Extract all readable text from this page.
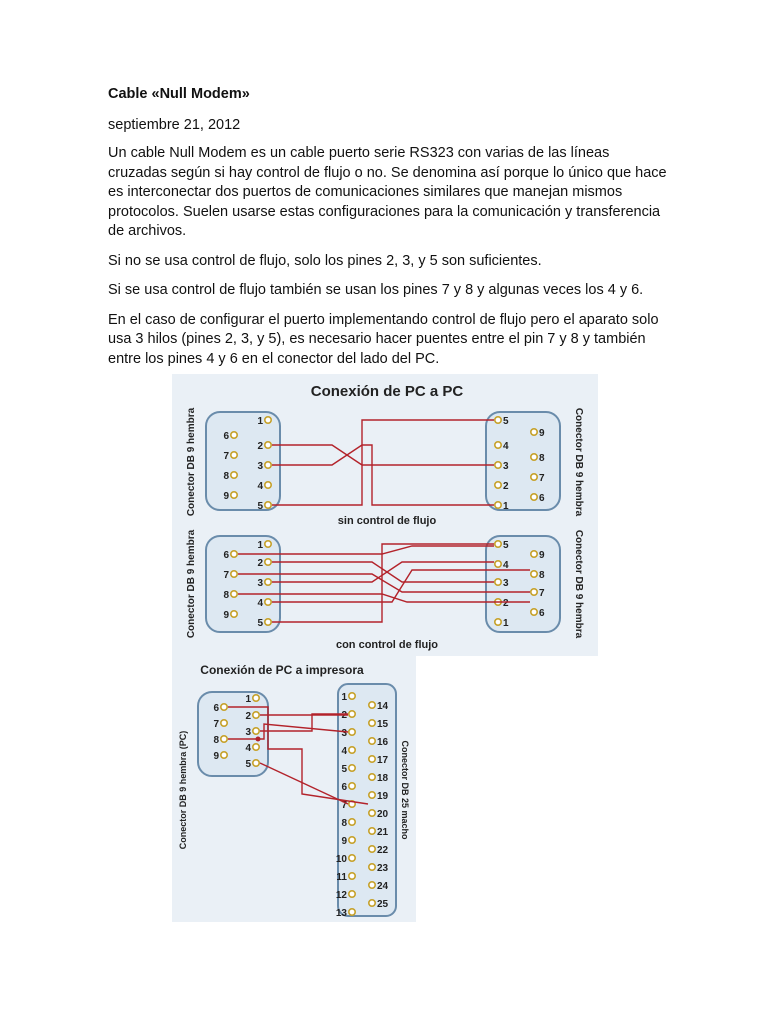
Cable «Null Modem»
septiembre 21, 2012

Un cable Null Modem es un cable puerto serie RS323 con varias de las líneas cruzadas según si hay control de flujo o no. Se denomina así porque lo único que hace es interconectar dos puertos de comunicaciones similares que manejan mismos protocolos. Suelen usarse estas configuraciones para la comunicación y transferencia de archivos.

Si no se usa control de flujo, solo los pines 2, 3, y 5 son suficientes.

Si se usa control de flujo también se usan los pines 7 y 8 y algunas veces los 4 y 6.

En el caso de configurar el puerto implementando control de flujo pero el aparato solo usa 3 hilos (pines 2, 3, y 5), es necesario hacer puentes entre el pin 7 y 8 y también entre los pines 4 y 6 en el conector del lado del PC.

Conexión de PC a PC
sin control de flujo
con control de flujo
Conexión de PC a impresora
Conector DB 9 hembra	Conector DB 9 hembra
Conector DB 9 hembra	Conector DB 9 hembra
Conector DB 9 hembra (PC)	Conector DB 25 macho
1
2
3
4
5
6
7
8
9
5
4
3
2
1
9
8
7
6
1
2
3
4
5
6
7
8
9
5
4
3
2
1
9
8
7
6
1
2
3
4
5
6
7
8
9
1
2
3
4
5
6
7
8
9
10
11
12
13
14
15
16
17
18
19
20
21
22
23
24
25
